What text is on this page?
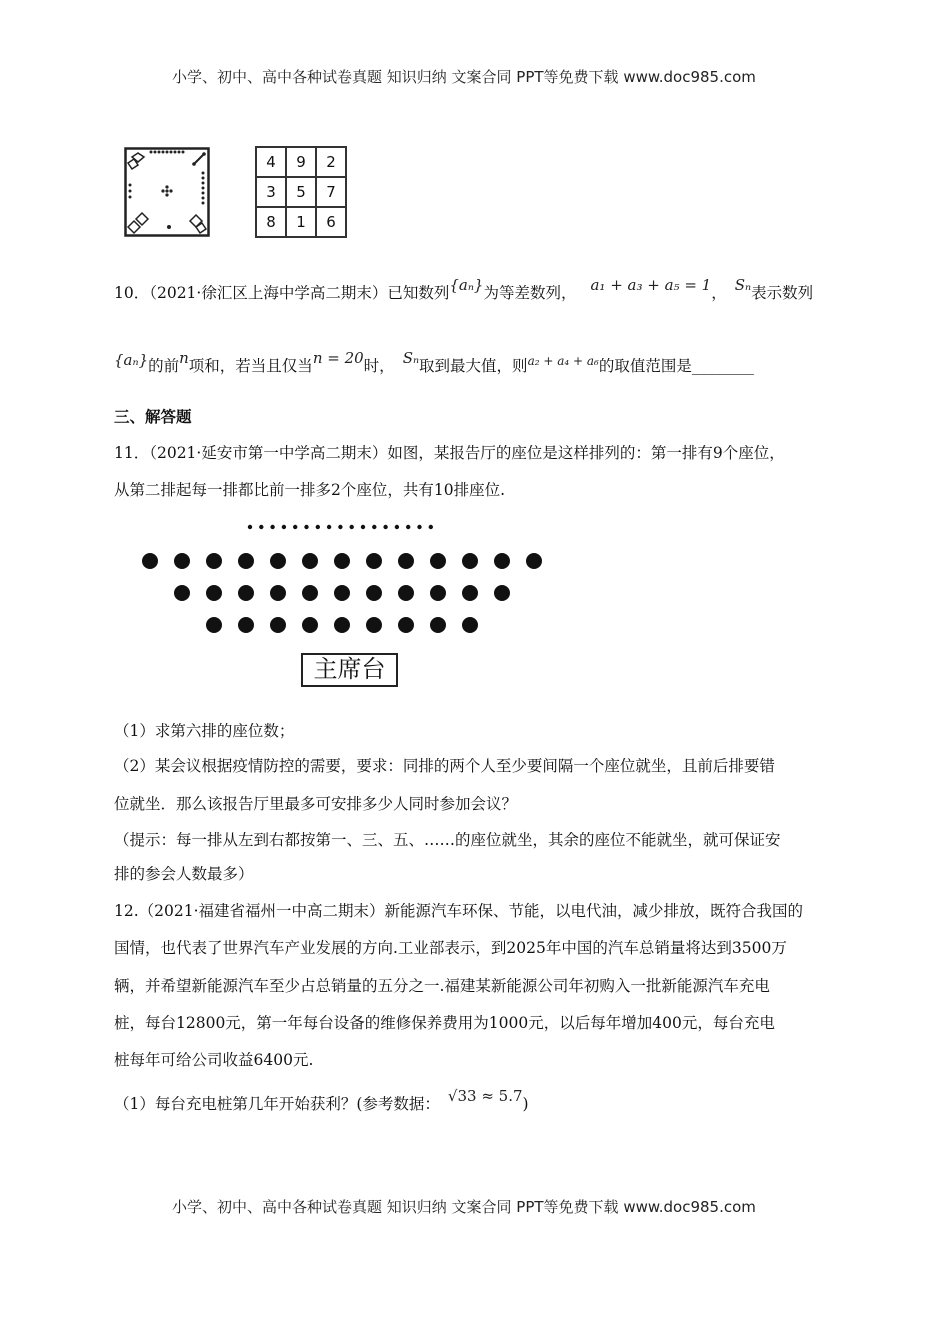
小学、初中、高中各种试卷真题 知识归纳 文案合同 PPT等免费下载 www.doc985.com
4	9	2
3	5	7
8	1	6
10．（2021·徐汇区上海中学高二期末）已知数列{aₙ}为等差数列， a₁ + a₃ + a₅ = 1， Sₙ表示数列
{aₙ}的前n项和，若当且仅当n = 20时， Sₙ取到最大值，则$^{a_2 + a_4 + a_6}$的取值范围是________
三、解答题
11．（2021·延安市第一中学高二期末）如图，某报告厅的座位是这样排列的：第一排有9个座位，
从第二排起每一排都比前一排多2个座位，共有10排座位.
主席台
（1）求第六排的座位数；
（2）某会议根据疫情防控的需要，要求：同排的两个人至少要间隔一个座位就坐，且前后排要错
位就坐．那么该报告厅里最多可安排多少人同时参加会议？
（提示：每一排从左到右都按第一、三、五、……的座位就坐，其余的座位不能就坐，就可保证安
排的参会人数最多）
12.（2021·福建省福州一中高二期末）新能源汽车环保、节能，以电代油，减少排放，既符合我国的
国情，也代表了世界汽车产业发展的方向.工业部表示，到2025年中国的汽车总销量将达到3500万
辆，并希望新能源汽车至少占总销量的五分之一.福建某新能源公司年初购入一批新能源汽车充电
桩，每台12800元，第一年每台设备的维修保养费用为1000元，以后每年增加400元，每台充电
桩每年可给公司收益6400元.
（1）每台充电桩第几年开始获利？(参考数据： √33 ≈ 5.7)
小学、初中、高中各种试卷真题 知识归纳 文案合同 PPT等免费下载 www.doc985.com
